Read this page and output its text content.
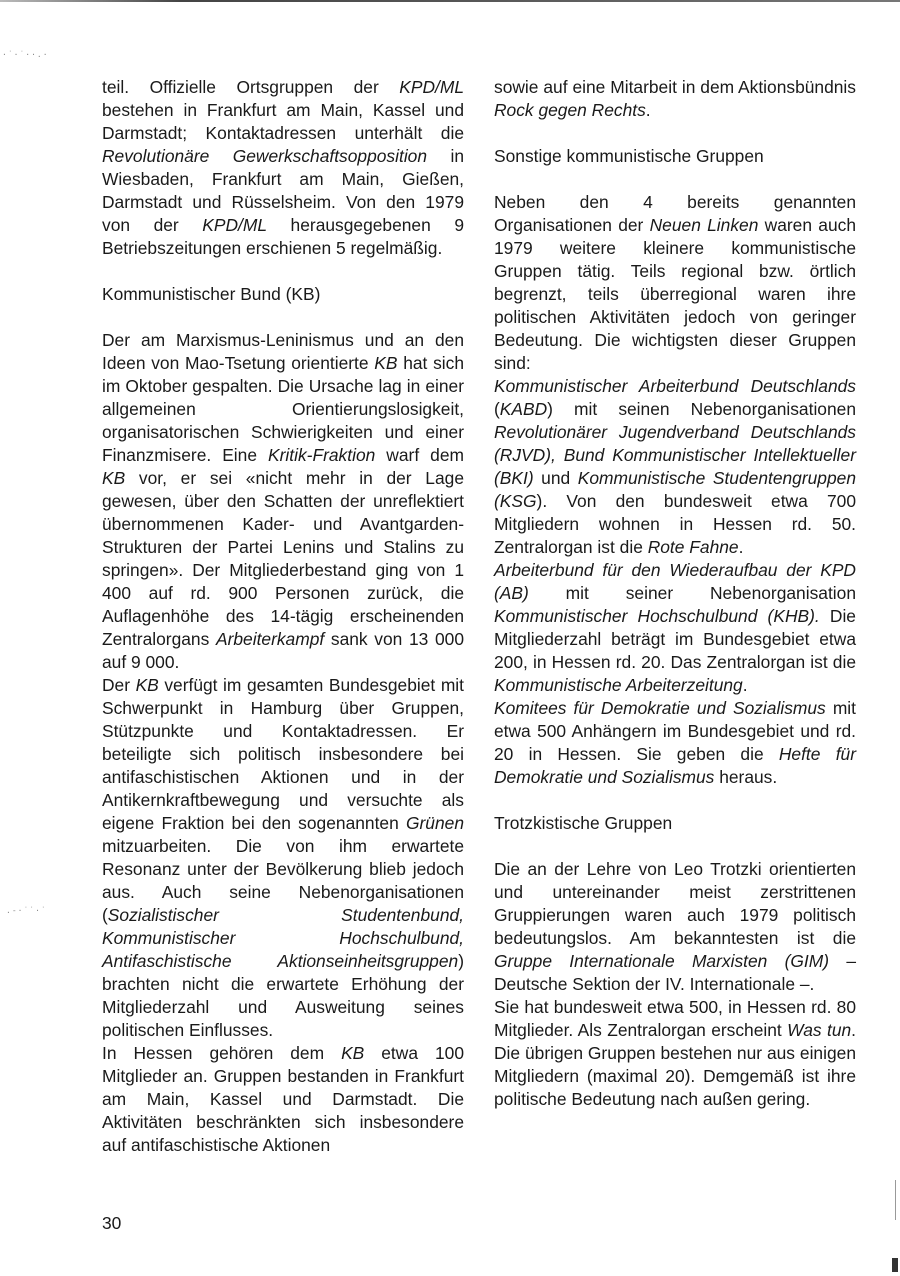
·˙·˙··.·
.-·˙˙·˙

teil. Offizielle Ortsgruppen der KPD/ML bestehen in Frankfurt am Main, Kassel und Darmstadt; Kontaktadressen unterhält die Revolutionäre Gewerkschaftsopposition in Wiesbaden, Frankfurt am Main, Gießen, Darmstadt und Rüsselsheim. Von den 1979 von der KPD/ML herausgegebenen 9 Betriebszeitungen erschienen 5 regelmäßig.

Kommunistischer Bund (KB)

Der am Marxismus-Leninismus und an den Ideen von Mao-Tsetung orientierte KB hat sich im Oktober gespalten. Die Ursache lag in einer allgemeinen Orientierungslosigkeit, organisatorischen Schwierigkeiten und einer Finanzmisere. Eine Kritik-Fraktion warf dem KB vor, er sei «nicht mehr in der Lage gewesen, über den Schatten der unreflektiert übernommenen Kader- und Avantgarden-Strukturen der Partei Lenins und Stalins zu springen». Der Mitgliederbestand ging von 1 400 auf rd. 900 Personen zurück, die Auflagenhöhe des 14-tägig erscheinenden Zentralorgans Arbeiterkampf sank von 13 000 auf 9 000.

Der KB verfügt im gesamten Bundesgebiet mit Schwerpunkt in Hamburg über Gruppen, Stützpunkte und Kontaktadressen. Er beteiligte sich politisch insbesondere bei antifaschistischen Aktionen und in der Antikernkraftbewegung und versuchte als eigene Fraktion bei den sogenannten Grünen mitzuarbeiten. Die von ihm erwartete Resonanz unter der Bevölkerung blieb jedoch aus. Auch seine Nebenorganisationen (Sozialistischer Studentenbund, Kommunistischer Hochschulbund, Antifaschistische Aktionseinheitsgruppen) brachten nicht die erwartete Erhöhung der Mitgliederzahl und Ausweitung seines politischen Einflusses.

In Hessen gehören dem KB etwa 100 Mitglieder an. Gruppen bestanden in Frankfurt am Main, Kassel und Darmstadt. Die Aktivitäten beschränkten sich insbesondere auf antifaschistische Aktionen

sowie auf eine Mitarbeit in dem Aktionsbündnis Rock gegen Rechts.

Sonstige kommunistische Gruppen

Neben den 4 bereits genannten Organisationen der Neuen Linken waren auch 1979 weitere kleinere kommunistische Gruppen tätig. Teils regional bzw. örtlich begrenzt, teils überregional waren ihre politischen Aktivitäten jedoch von geringer Bedeutung. Die wichtigsten dieser Gruppen sind:

Kommunistischer Arbeiterbund Deutschlands (KABD) mit seinen Nebenorganisationen Revolutionärer Jugendverband Deutschlands (RJVD), Bund Kommunistischer Intellektueller (BKI) und Kommunistische Studentengruppen (KSG). Von den bundesweit etwa 700 Mitgliedern wohnen in Hessen rd. 50. Zentralorgan ist die Rote Fahne.

Arbeiterbund für den Wiederaufbau der KPD (AB) mit seiner Nebenorganisation Kommunistischer Hochschulbund (KHB). Die Mitgliederzahl beträgt im Bundesgebiet etwa 200, in Hessen rd. 20. Das Zentralorgan ist die Kommunistische Arbeiterzeitung.

Komitees für Demokratie und Sozialismus mit etwa 500 Anhängern im Bundesgebiet und rd. 20 in Hessen. Sie geben die Hefte für Demokratie und Sozialismus heraus.

Trotzkistische Gruppen

Die an der Lehre von Leo Trotzki orientierten und untereinander meist zerstrittenen Gruppierungen waren auch 1979 politisch bedeutungslos. Am bekanntesten ist die Gruppe Internationale Marxisten (GIM) – Deutsche Sektion der IV. Internationale –.

Sie hat bundesweit etwa 500, in Hessen rd. 80 Mitglieder. Als Zentralorgan erscheint Was tun. Die übrigen Gruppen bestehen nur aus einigen Mitgliedern (maximal 20). Demgemäß ist ihre politische Bedeutung nach außen gering.

30
